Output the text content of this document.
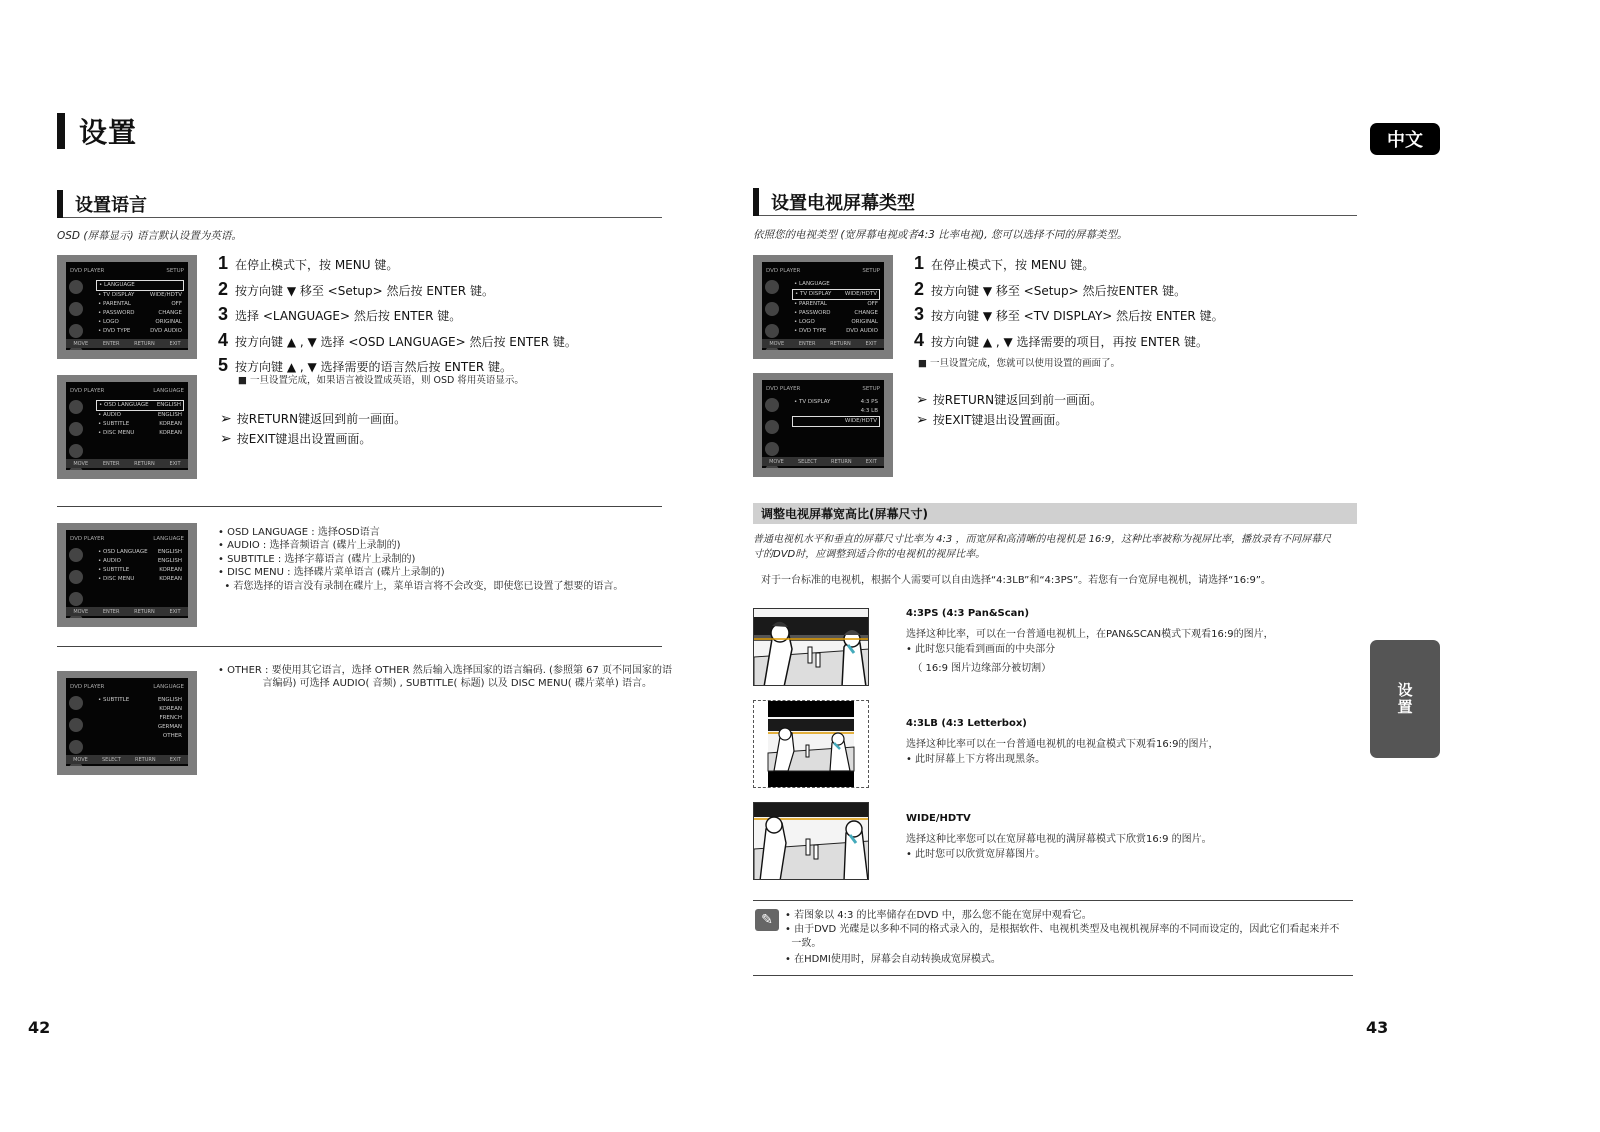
设置	中文
设置
设置语言
OSD (屏幕显示) 语言默认设置为英语。
DVD PLAYER	SETUP
• LANGUAGE
• TV DISPLAY	WIDE/HDTV
• PARENTAL	OFF
• PASSWORD	CHANGE
• LOGO	ORIGINAL
• DVD TYPE	DVD AUDIO
MOVE	ENTER	RETURN	EXIT
DVD PLAYER	LANGUAGE
• OSD LANGUAGE ENGLISH
• AUDIO	ENGLISH
• SUBTITLE	KOREAN
• DISC MENU	KOREAN
MOVE	ENTER	RETURN	EXIT
1 在停止模式下，按 MENU 键。
2 按方向键 ▼ 移至 <Setup> 然后按 ENTER 键。
3 选择 <LANGUAGE> 然后按 ENTER 键。
4 按方向键 ▲ , ▼ 选择 <OSD LANGUAGE> 然后按 ENTER 键。
5 按方向键 ▲ , ▼ 选择需要的语言然后按 ENTER 键。
■ 一旦设置完成，如果语言被设置成英语，则 OSD 将用英语显示。
➢ 按RETURN键返回到前一画面。
➢ 按EXIT键退出设置画面。
DVD PLAYER	LANGUAGE
• OSD LANGUAGE ENGLISH
• AUDIO	ENGLISH
• SUBTITLE	KOREAN
• DISC MENU	KOREAN
MOVE	ENTER	RETURN	EXIT
• OSD LANGUAGE : 选择OSD语言
• AUDIO : 选择音频语言 (碟片上录制的)
• SUBTITLE : 选择字幕语言 (碟片上录制的)
• DISC MENU : 选择碟片菜单语言 (碟片上录制的)
• 若您选择的语言没有录制在碟片上，菜单语言将不会改变，即使您已设置了想要的语言。
DVD PLAYER	LANGUAGE
• SUBTITLE	ENGLISH
KOREAN
FRENCH
GERMAN
OTHER
MOVE	SELECT	RETURN	EXIT
• OTHER : 要使用其它语言，选择 OTHER 然后输入选择国家的语言编码. (参照第 67 页不同国家的语
言编码) 可选择 AUDIO( 音频) , SUBTITLE( 标题) 以及 DISC MENU( 碟片菜单) 语言。
42
设置电视屏幕类型
依照您的电视类型 (宽屏幕电视或者4:3 比率电视), 您可以选择不同的屏幕类型。
DVD PLAYER	SETUP
• LANGUAGE
• TV DISPLAY WIDE/HDTV
• PARENTAL	OFF
• PASSWORD	CHANGE
• LOGO	ORIGINAL
• DVD TYPE	DVD AUDIO
MOVE	ENTER	RETURN	EXIT
DVD PLAYER	SETUP
• TV DISPLAY	4:3 PS
4:3 LB
WIDE/HDTV
MOVE	SELECT	RETURN	EXIT
1 在停止模式下，按 MENU 键。
2 按方向键 ▼ 移至 <Setup> 然后按ENTER 键。
3 按方向键 ▼ 移至 <TV DISPLAY> 然后按 ENTER 键。
4 按方向键 ▲ , ▼ 选择需要的项目，再按 ENTER 键。
■ 一旦设置完成，您就可以使用设置的画面了。
➢ 按RETURN键返回到前一画面。
➢ 按EXIT键退出设置画面。
调整电视屏幕宽高比(屏幕尺寸)
普通电视机水平和垂直的屏幕尺寸比率为 4:3 ，而宽屏和高清晰的电视机是 16:9，这种比率被称为视屏比率，播放录有不同屏幕尺寸的DVD时，应调整到适合你的电视机的视屏比率。
对于一台标准的电视机，根据个人需要可以自由选择“4:3LB”和“4:3PS”。若您有一台宽屏电视机，请选择“16:9”。
4:3PS (4:3 Pan&Scan)
选择这种比率，可以在一台普通电视机上，在PAN&SCAN模式下观看16:9的图片，
• 此时您只能看到画面的中央部分
（ 16:9 图片边缘部分被切割）
4:3LB (4:3 Letterbox)
选择这种比率可以在一台普通电视机的电视盒模式下观看16:9的图片，
• 此时屏幕上下方将出现黑条。
WIDE/HDTV
选择这种比率您可以在宽屏幕电视的满屏幕模式下欣赏16:9 的图片。
• 此时您可以欣赏宽屏幕图片。
✎	• 若图象以 4:3 的比率储存在DVD 中，那么您不能在宽屏中观看它。
• 由于DVD 光碟是以多种不同的格式录入的，是根据软件、电视机类型及电视机视屏率的不同而设定的，因此它们看起来并不
一致。
• 在HDMI使用时，屏幕会自动转换成宽屏模式。
43
